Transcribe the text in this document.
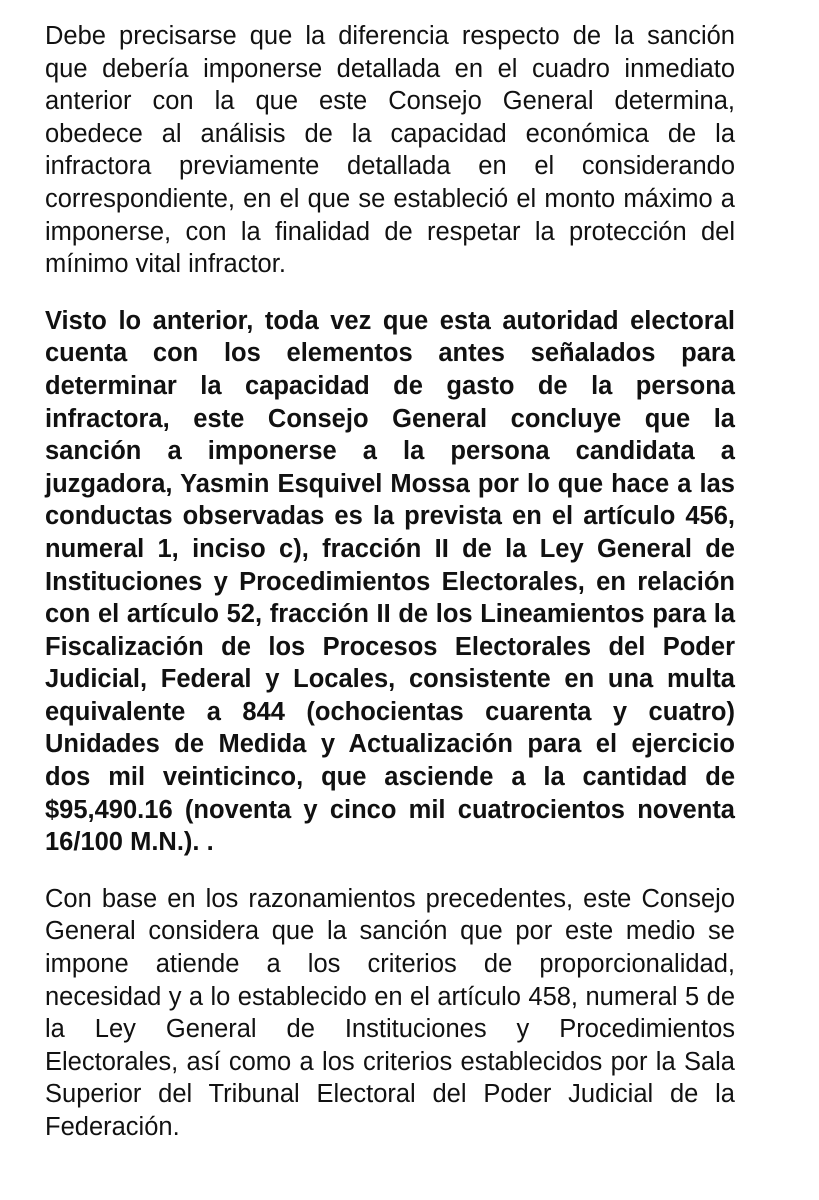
Debe precisarse que la diferencia respecto de la sanción que debería imponerse detallada en el cuadro inmediato anterior con la que este Consejo General determina, obedece al análisis de la capacidad económica de la infractora previamente detallada en el considerando correspondiente, en el que se estableció el monto máximo a imponerse, con la finalidad de respetar la protección del mínimo vital infractor.

Visto lo anterior, toda vez que esta autoridad electoral cuenta con los elementos antes señalados para determinar la capacidad de gasto de la persona infractora, este Consejo General concluye que la sanción a imponerse a la persona candidata a juzgadora, Yasmin Esquivel Mossa por lo que hace a las conductas observadas es la prevista en el artículo 456, numeral 1, inciso c), fracción II de la Ley General de Instituciones y Procedimientos Electorales, en relación con el artículo 52, fracción II de los Lineamientos para la Fiscalización de los Procesos Electorales del Poder Judicial, Federal y Locales, consistente en una multa equivalente a 844 (ochocientas cuarenta y cuatro) Unidades de Medida y Actualización para el ejercicio dos mil veinticinco, que asciende a la cantidad de $95,490.16 (noventa y cinco mil cuatrocientos noventa 16/100 M.N.). .

Con base en los razonamientos precedentes, este Consejo General considera que la sanción que por este medio se impone atiende a los criterios de proporcionalidad, necesidad y a lo establecido en el artículo 458, numeral 5 de la Ley General de Instituciones y Procedimientos Electorales, así como a los criterios establecidos por la Sala Superior del Tribunal Electoral del Poder Judicial de la Federación.
